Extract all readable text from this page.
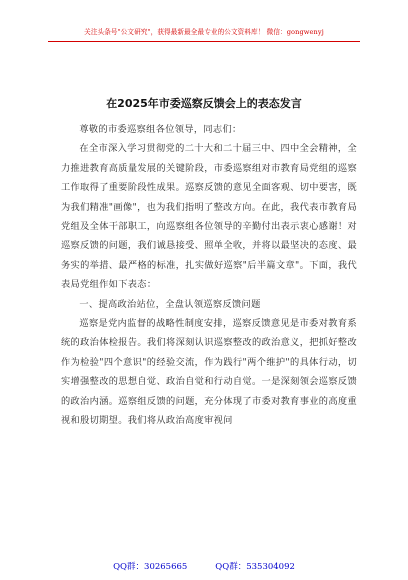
关注头条号"公文研究"，获得最新最全最专业的公文资料库！ 微信：gongwenyj
在2025年市委巡察反馈会上的表态发言

尊敬的市委巡察组各位领导，同志们：

在全市深入学习贯彻党的二十大和二十届三中、四中全会精神，全力推进教育高质量发展的关键阶段，市委巡察组对市教育局党组的巡察工作取得了重要阶段性成果。巡察反馈的意见全面客观、切中要害，既为我们精准"画像"，也为我们指明了整改方向。在此，我代表市教育局党组及全体干部职工，向巡察组各位领导的辛勤付出表示衷心感谢！对巡察反馈的问题，我们诚恳接受、照单全收，并将以最坚决的态度、最务实的举措、最严格的标准，扎实做好巡察"后半篇文章"。下面，我代表局党组作如下表态：

一、提高政治站位，全盘认领巡察反馈问题

巡察是党内监督的战略性制度安排，巡察反馈意见是市委对教育系统的政治体检报告。我们将深刻认识巡察整改的政治意义，把抓好整改作为检验"四个意识"的经验交流，作为践行"两个维护"的具体行动，切实增强整改的思想自觉、政治自觉和行动自觉。一是深刻领会巡察反馈的政治内涵。巡察组反馈的问题，充分体现了市委对教育事业的高度重视和殷切期望。我们将从政治高度审视问

QQ群：30265665	QQ群：535304092
